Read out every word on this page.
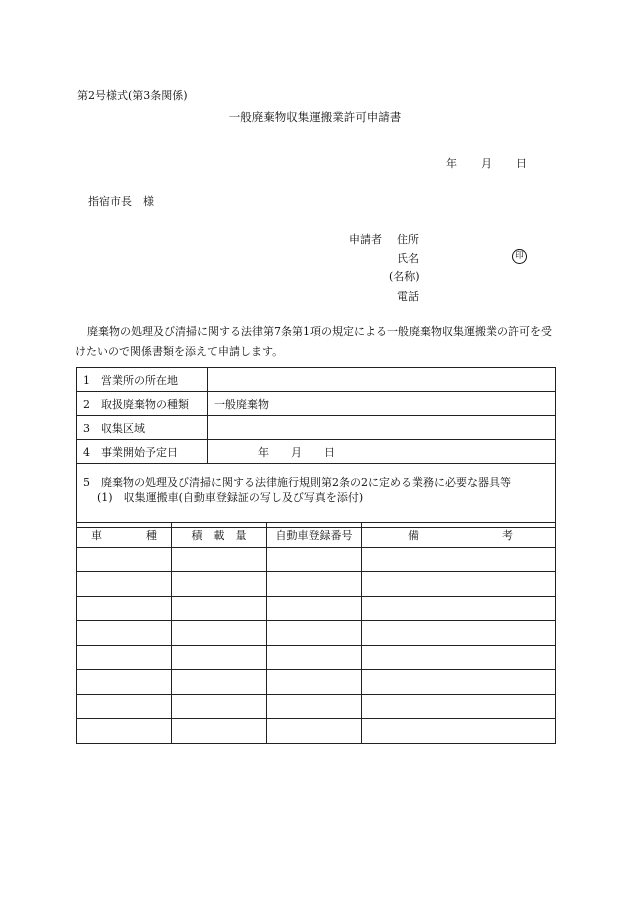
第2号様式(第3条関係)
一般廃棄物収集運搬業許可申請書
年 月 日
指宿市長　様
申請者 住所
氏名	印
(名称)
電話
廃棄物の処理及び清掃に関する法律第7条第1項の規定による一般廃棄物収集運搬業の許可を受けたいので関係書類を添えて申請します。
1　営業所の所在地	
2　取扱廃棄物の種類	一般廃棄物
3　収集区域	
4　事業開始予定日	年　　月　　日

5　廃棄物の処理及び清掃に関する法律施行規則第2条の2に定める業務に必要な器具等
(1)　収集運搬車(自動車登録証の写し及び写真を添付)	
車 種	積　載　量	自動車登録番号	備 考
